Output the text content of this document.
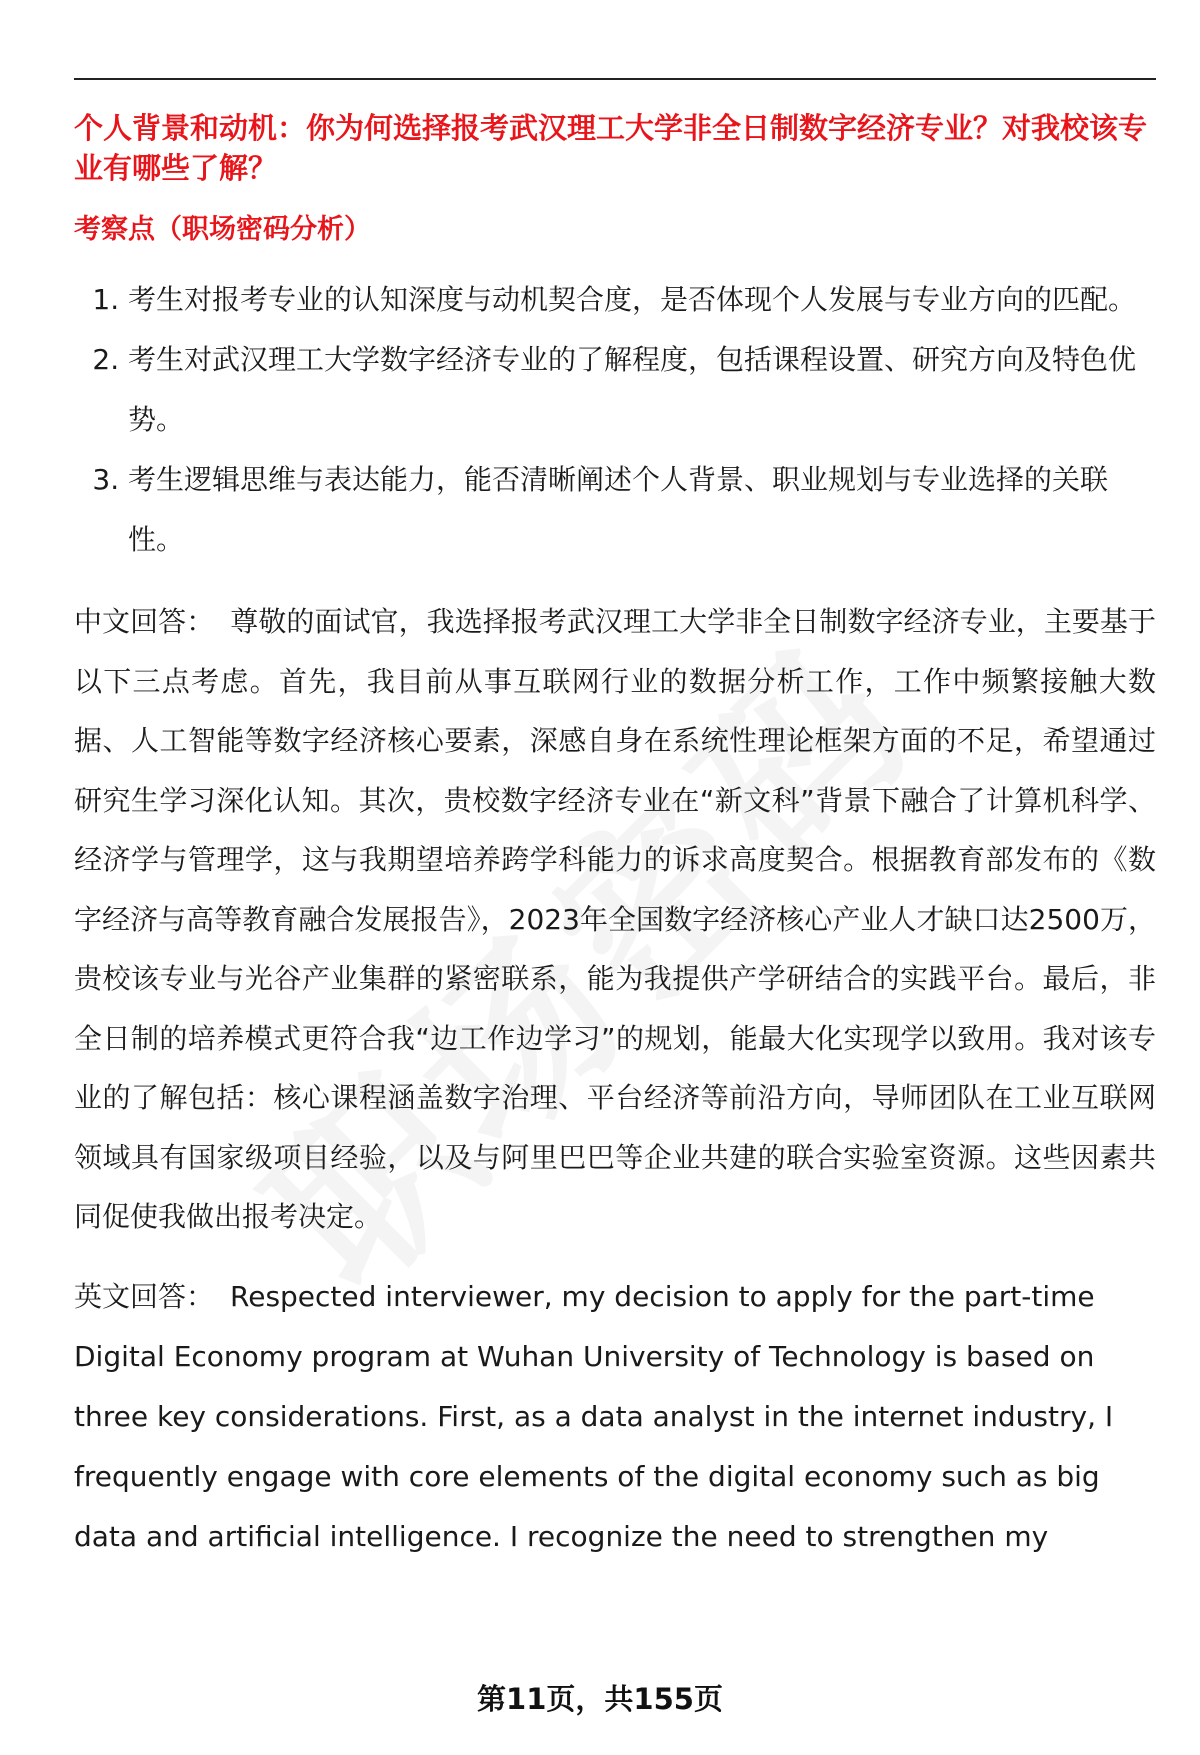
个人背景和动机：你为何选择报考武汉理工大学非全日制数字经济专业？对我校该专业有哪些了解？
考察点（职场密码分析）
1. 考生对报考专业的认知深度与动机契合度，是否体现个人发展与专业方向的匹配。
2. 考生对武汉理工大学数字经济专业的了解程度，包括课程设置、研究方向及特色优势。
3. 考生逻辑思维与表达能力，能否清晰阐述个人背景、职业规划与专业选择的关联性。

中文回答： 尊敬的面试官，我选择报考武汉理工大学非全日制数字经济专业，主要基于以下三点考虑。首先，我目前从事互联网行业的数据分析工作，工作中频繁接触大数据、人工智能等数字经济核心要素，深感自身在系统性理论框架方面的不足，希望通过研究生学习深化认知。其次，贵校数字经济专业在“新文科”背景下融合了计算机科学、经济学与管理学，这与我期望培养跨学科能力的诉求高度契合。根据教育部发布的《数字经济与高等教育融合发展报告》，2023年全国数字经济核心产业人才缺口达2500万，贵校该专业与光谷产业集群的紧密联系，能为我提供产学研结合的实践平台。最后，非全日制的培养模式更符合我“边工作边学习”的规划，能最大化实现学以致用。我对该专业的了解包括：核心课程涵盖数字治理、平台经济等前沿方向，导师团队在工业互联网领域具有国家级项目经验，以及与阿里巴巴等企业共建的联合实验室资源。这些因素共同促使我做出报考决定。

英文回答： Respected interviewer, my decision to apply for the part-time Digital Economy program at Wuhan University of Technology is based on three key considerations. First, as a data analyst in the internet industry, I frequently engage with core elements of the digital economy such as big data and artificial intelligence. I recognize the need to strengthen my

第11页，共155页
